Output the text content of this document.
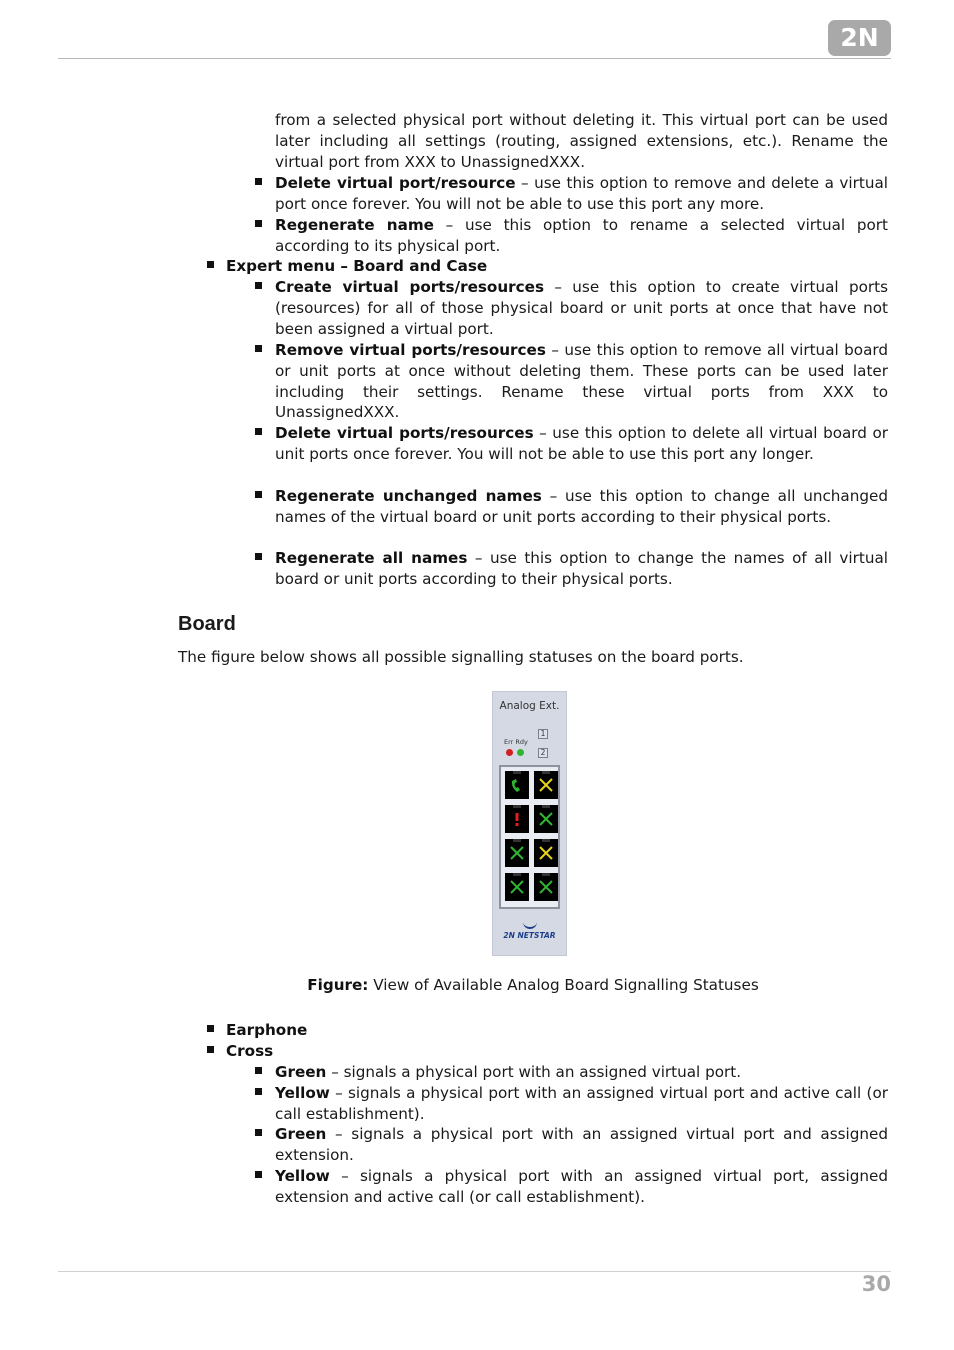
2N
from a selected physical port without deleting it. This virtual port can be used later including all settings (routing, assigned extensions, etc.). Rename the virtual port from XXX to UnassignedXXX.
Delete virtual port/resource – use this option to remove and delete a virtual port once forever. You will not be able to use this port any more.
Regenerate name – use this option to rename a selected virtual port according to its physical port.
Expert menu – Board and Case
Create virtual ports/resources – use this option to create virtual ports (resources) for all of those physical board or unit ports at once that have not been assigned a virtual port.
Remove virtual ports/resources – use this option to remove all virtual board or unit ports at once without deleting them. These ports can be used later including their settings. Rename these virtual ports from XXX to UnassignedXXX.
Delete virtual ports/resources – use this option to delete all virtual board or unit ports once forever. You will not be able to use this port any longer.
Regenerate unchanged names – use this option to change all unchanged names of the virtual board or unit ports according to their physical ports.
Regenerate all names – use this option to change the names of all virtual board or unit ports according to their physical ports.
Board
The figure below shows all possible signalling statuses on the board ports.
Analog Ext.
12
Err Rdy
2N NETSTAR
Figure: View of Available Analog Board Signalling Statuses
Earphone
Cross
Green – signals a physical port with an assigned virtual port.
Yellow – signals a physical port with an assigned virtual port and active call (or call establishment).
Green – signals a physical port with an assigned virtual port and assigned extension.
Yellow – signals a physical port with an assigned virtual port, assigned extension and active call (or call establishment).
30
